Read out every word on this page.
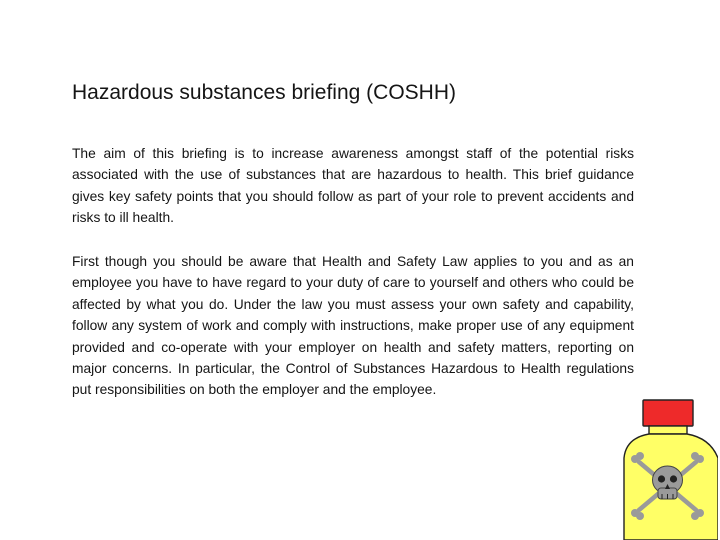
Hazardous substances briefing (COSHH)

The aim of this briefing is to increase awareness amongst staff of the potential risks associated with the use of substances that are hazardous to health. This brief guidance gives key safety points that you should follow as part of your role to prevent accidents and risks to ill health.

First though you should be aware that Health and Safety Law applies to you and as an employee you have to have regard to your duty of care to yourself and others who could be affected by what you do. Under the law you must assess your own safety and capability, follow any system of work and comply with instructions, make proper use of any equipment provided and co-operate with your employer on health and safety matters, reporting on major concerns. In particular, the Control of Substances Hazardous to Health regulations put responsibilities on both the employer and the employee.
